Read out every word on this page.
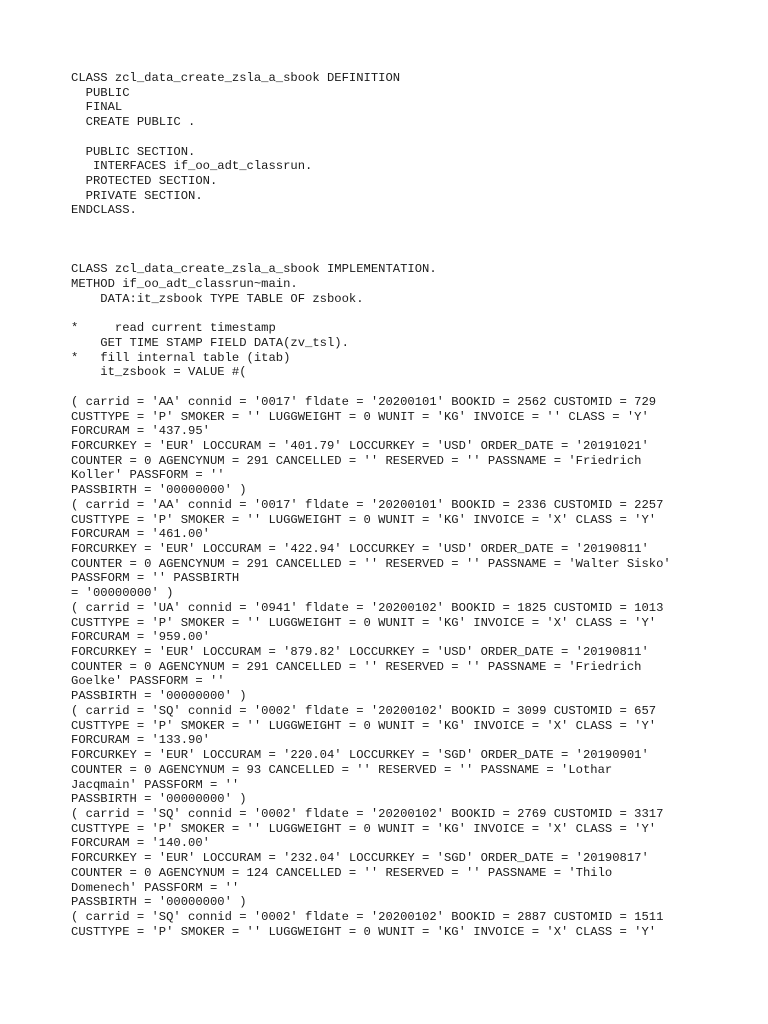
CLASS zcl_data_create_zsla_a_sbook DEFINITION
PUBLIC
FINAL
CREATE PUBLIC .
PUBLIC SECTION.
INTERFACES if_oo_adt_classrun.
PROTECTED SECTION.
PRIVATE SECTION.
ENDCLASS.
CLASS zcl_data_create_zsla_a_sbook IMPLEMENTATION.
METHOD if_oo_adt_classrun~main.
DATA:it_zsbook TYPE TABLE OF zsbook.
*     read current timestamp
GET TIME STAMP FIELD DATA(zv_tsl).
*   fill internal table (itab)
it_zsbook = VALUE #(
( carrid = 'AA' connid = '0017' fldate = '20200101' BOOKID = 2562 CUSTOMID = 729
CUSTTYPE = 'P' SMOKER = '' LUGGWEIGHT = 0 WUNIT = 'KG' INVOICE = '' CLASS = 'Y'
FORCURAM = '437.95'
FORCURKEY = 'EUR' LOCCURAM = '401.79' LOCCURKEY = 'USD' ORDER_DATE = '20191021'
COUNTER = 0 AGENCYNUM = 291 CANCELLED = '' RESERVED = '' PASSNAME = 'Friedrich
Koller' PASSFORM = ''
PASSBIRTH = '00000000' )
( carrid = 'AA' connid = '0017' fldate = '20200101' BOOKID = 2336 CUSTOMID = 2257
CUSTTYPE = 'P' SMOKER = '' LUGGWEIGHT = 0 WUNIT = 'KG' INVOICE = 'X' CLASS = 'Y'
FORCURAM = '461.00'
FORCURKEY = 'EUR' LOCCURAM = '422.94' LOCCURKEY = 'USD' ORDER_DATE = '20190811'
COUNTER = 0 AGENCYNUM = 291 CANCELLED = '' RESERVED = '' PASSNAME = 'Walter Sisko'
PASSFORM = '' PASSBIRTH
= '00000000' )
( carrid = 'UA' connid = '0941' fldate = '20200102' BOOKID = 1825 CUSTOMID = 1013
CUSTTYPE = 'P' SMOKER = '' LUGGWEIGHT = 0 WUNIT = 'KG' INVOICE = 'X' CLASS = 'Y'
FORCURAM = '959.00'
FORCURKEY = 'EUR' LOCCURAM = '879.82' LOCCURKEY = 'USD' ORDER_DATE = '20190811'
COUNTER = 0 AGENCYNUM = 291 CANCELLED = '' RESERVED = '' PASSNAME = 'Friedrich
Goelke' PASSFORM = ''
PASSBIRTH = '00000000' )
( carrid = 'SQ' connid = '0002' fldate = '20200102' BOOKID = 3099 CUSTOMID = 657
CUSTTYPE = 'P' SMOKER = '' LUGGWEIGHT = 0 WUNIT = 'KG' INVOICE = 'X' CLASS = 'Y'
FORCURAM = '133.90'
FORCURKEY = 'EUR' LOCCURAM = '220.04' LOCCURKEY = 'SGD' ORDER_DATE = '20190901'
COUNTER = 0 AGENCYNUM = 93 CANCELLED = '' RESERVED = '' PASSNAME = 'Lothar
Jacqmain' PASSFORM = ''
PASSBIRTH = '00000000' )
( carrid = 'SQ' connid = '0002' fldate = '20200102' BOOKID = 2769 CUSTOMID = 3317
CUSTTYPE = 'P' SMOKER = '' LUGGWEIGHT = 0 WUNIT = 'KG' INVOICE = 'X' CLASS = 'Y'
FORCURAM = '140.00'
FORCURKEY = 'EUR' LOCCURAM = '232.04' LOCCURKEY = 'SGD' ORDER_DATE = '20190817'
COUNTER = 0 AGENCYNUM = 124 CANCELLED = '' RESERVED = '' PASSNAME = 'Thilo
Domenech' PASSFORM = ''
PASSBIRTH = '00000000' )
( carrid = 'SQ' connid = '0002' fldate = '20200102' BOOKID = 2887 CUSTOMID = 1511
CUSTTYPE = 'P' SMOKER = '' LUGGWEIGHT = 0 WUNIT = 'KG' INVOICE = 'X' CLASS = 'Y'
